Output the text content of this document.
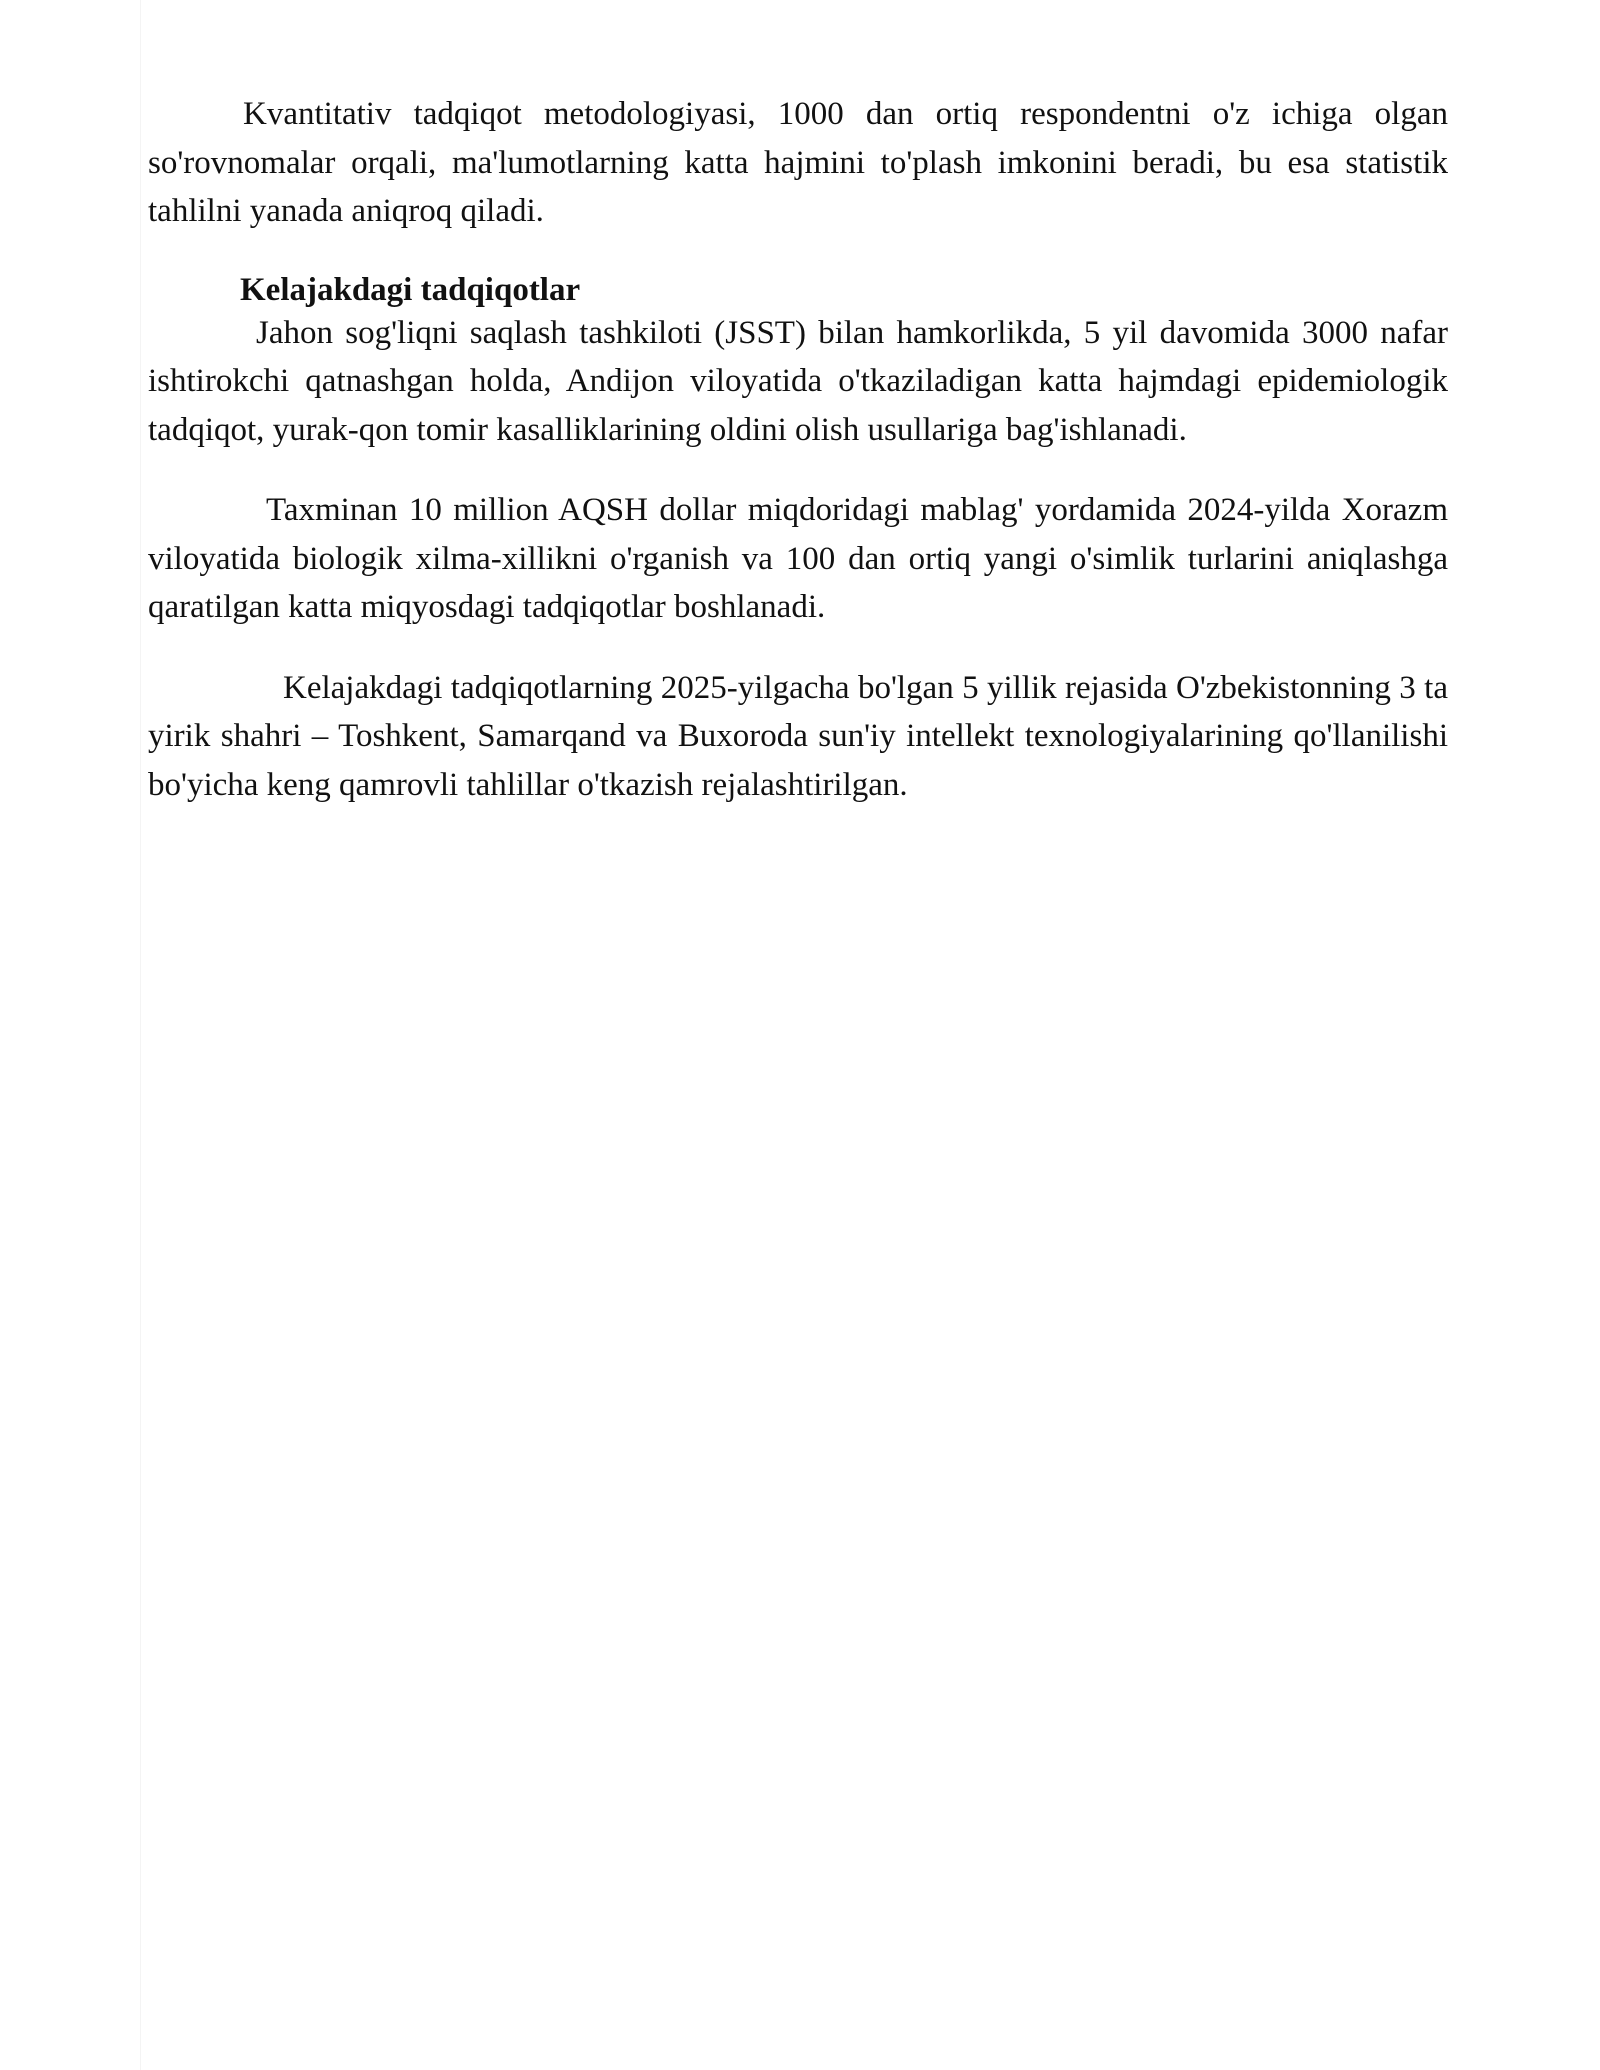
Kvantitativ tadqiqot metodologiyasi, 1000 dan ortiq respondentni o'z ichiga olgan so'rovnomalar orqali, ma'lumotlarning katta hajmini to'plash imkonini beradi, bu esa statistik tahlilni yanada aniqroq qiladi.

Kelajakdagi tadqiqotlar

Jahon sog'liqni saqlash tashkiloti (JSST) bilan hamkorlikda, 5 yil davomida 3000 nafar ishtirokchi qatnashgan holda, Andijon viloyatida o'tkaziladigan katta hajmdagi epidemiologik tadqiqot, yurak-qon tomir kasalliklarining oldini olish usullariga bag'ishlanadi.

Taxminan 10 million AQSH dollar miqdoridagi mablag' yordamida 2024-yilda Xorazm viloyatida biologik xilma-xillikni o'rganish va 100 dan ortiq yangi o'simlik turlarini aniqlashga qaratilgan katta miqyosdagi tadqiqotlar boshlanadi.

Kelajakdagi tadqiqotlarning 2025-yilgacha bo'lgan 5 yillik rejasida O'zbekistonning 3 ta yirik shahri – Toshkent, Samarqand va Buxoroda sun'iy intellekt texnologiyalarining qo'llanilishi bo'yicha keng qamrovli tahlillar o'tkazish rejalashtirilgan.
